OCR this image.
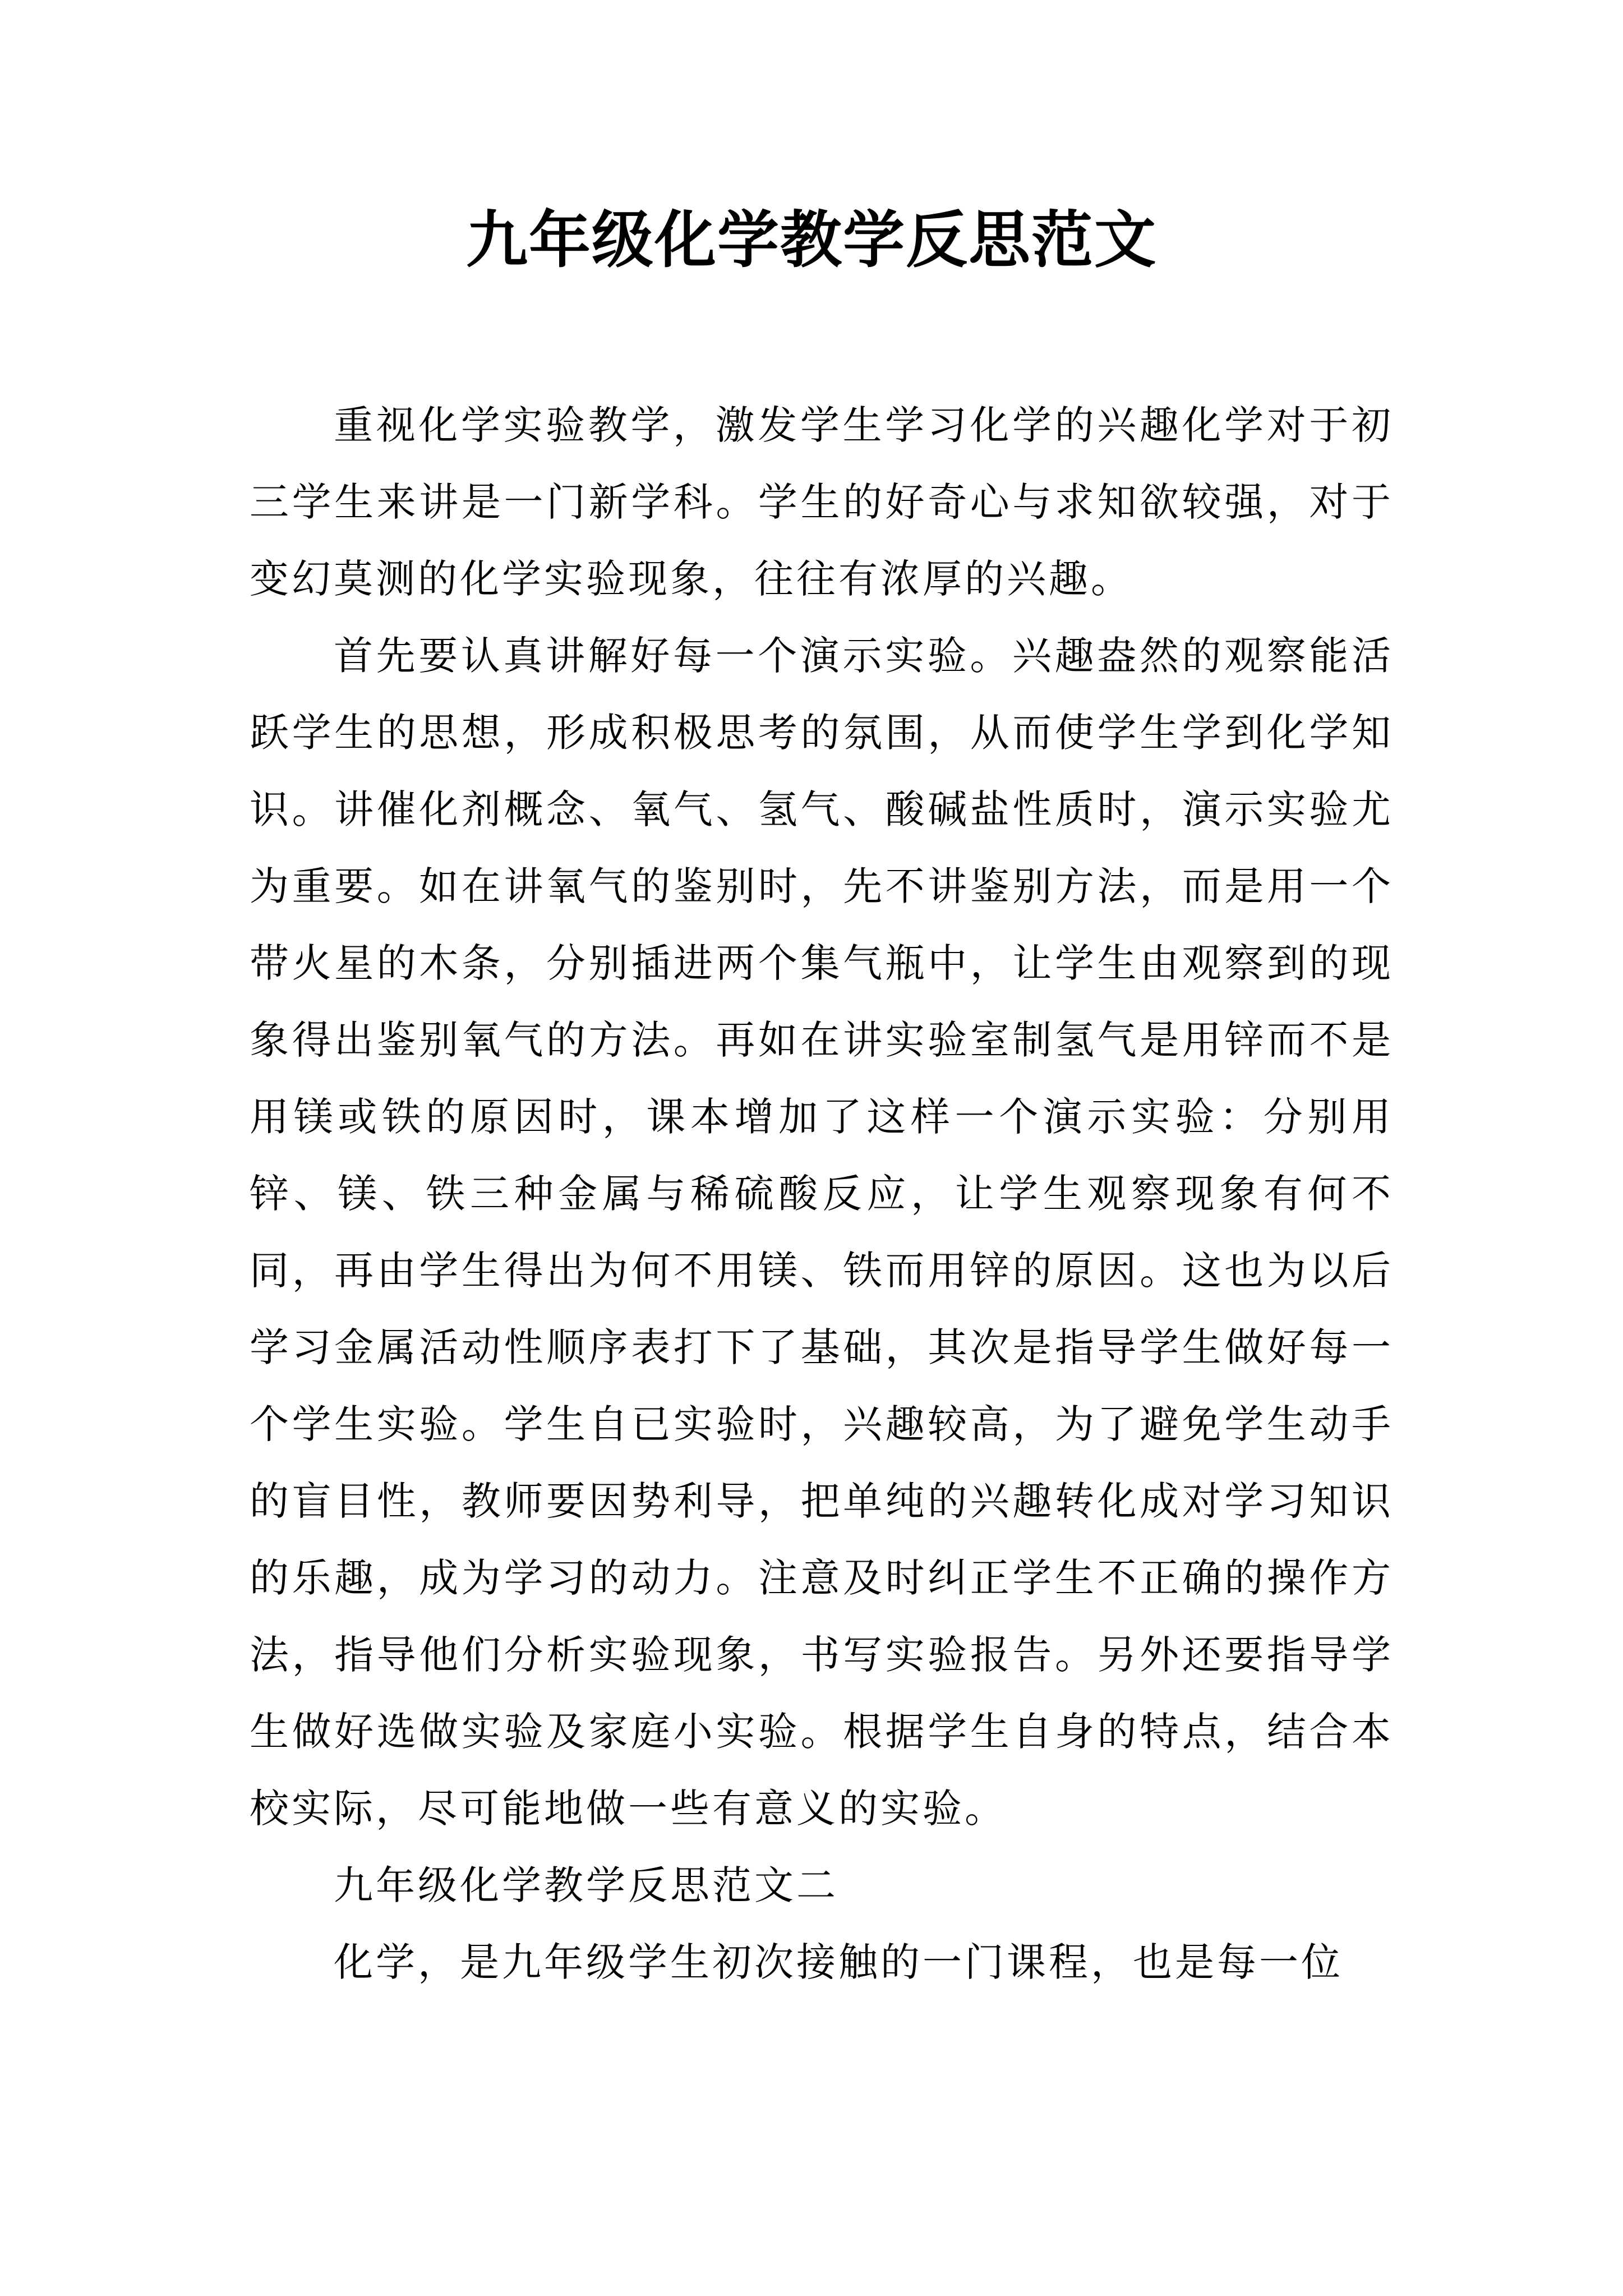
九年级化学教学反思范文

重视化学实验教学，激发学生学习化学的兴趣化学对于初三学生来讲是一门新学科。学生的好奇心与求知欲较强，对于变幻莫测的化学实验现象，往往有浓厚的兴趣。

首先要认真讲解好每一个演示实验。兴趣盎然的观察能活跃学生的思想，形成积极思考的氛围，从而使学生学到化学知识。讲催化剂概念、氧气、氢气、酸碱盐性质时，演示实验尤为重要。如在讲氧气的鉴别时，先不讲鉴别方法，而是用一个带火星的木条，分别插进两个集气瓶中，让学生由观察到的现象得出鉴别氧气的方法。再如在讲实验室制氢气是用锌而不是用镁或铁的原因时，课本增加了这样一个演示实验：分别用锌、镁、铁三种金属与稀硫酸反应，让学生观察现象有何不同，再由学生得出为何不用镁、铁而用锌的原因。这也为以后学习金属活动性顺序表打下了基础，其次是指导学生做好每一个学生实验。学生自已实验时，兴趣较高，为了避免学生动手的盲目性，教师要因势利导，把单纯的兴趣转化成对学习知识的乐趣，成为学习的动力。注意及时纠正学生不正确的操作方法，指导他们分析实验现象，书写实验报告。另外还要指导学生做好选做实验及家庭小实验。根据学生自身的特点，结合本校实际，尽可能地做一些有意义的实验。

九年级化学教学反思范文二

化学，是九年级学生初次接触的一门课程，也是每一位
